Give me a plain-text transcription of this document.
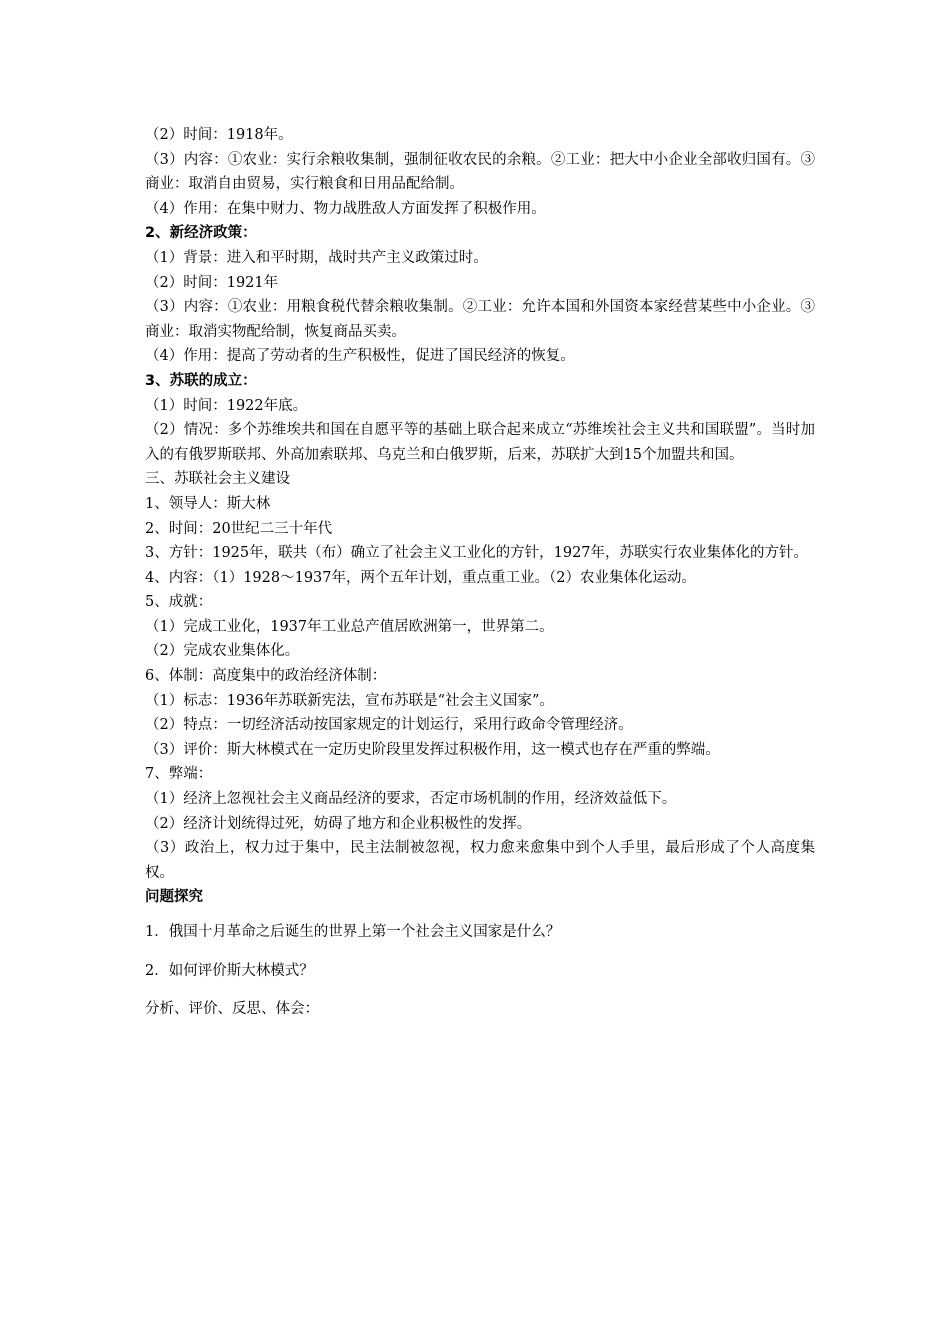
（2）时间：1918年。

（3）内容：①农业：实行余粮收集制，强制征收农民的余粮。②工业：把大中小企业全部收归国有。③商业：取消自由贸易，实行粮食和日用品配给制。

（4）作用：在集中财力、物力战胜敌人方面发挥了积极作用。

2、新经济政策：

（1）背景：进入和平时期，战时共产主义政策过时。

（2）时间：1921年

（3）内容：①农业：用粮食税代替余粮收集制。②工业：允许本国和外国资本家经营某些中小企业。③商业：取消实物配给制，恢复商品买卖。

（4）作用：提高了劳动者的生产积极性，促进了国民经济的恢复。

3、苏联的成立：

（1）时间：1922年底。

（2）情况：多个苏维埃共和国在自愿平等的基础上联合起来成立“苏维埃社会主义共和国联盟”。当时加入的有俄罗斯联邦、外高加索联邦、乌克兰和白俄罗斯，后来，苏联扩大到15个加盟共和国。

三、苏联社会主义建设

1、领导人：斯大林

2、时间：20世纪二三十年代

3、方针：1925年，联共（布）确立了社会主义工业化的方针，1927年，苏联实行农业集体化的方针。

4、内容：（1）1928～1937年，两个五年计划，重点重工业。（2）农业集体化运动。

5、成就：

（1）完成工业化，1937年工业总产值居欧洲第一，世界第二。

（2）完成农业集体化。

6、体制：高度集中的政治经济体制：

（1）标志：1936年苏联新宪法，宣布苏联是“社会主义国家”。

（2）特点：一切经济活动按国家规定的计划运行，采用行政命令管理经济。

（3）评价：斯大林模式在一定历史阶段里发挥过积极作用，这一模式也存在严重的弊端。

7、弊端：

（1）经济上忽视社会主义商品经济的要求，否定市场机制的作用，经济效益低下。

（2）经济计划统得过死，妨碍了地方和企业积极性的发挥。

（3）政治上，权力过于集中，民主法制被忽视，权力愈来愈集中到个人手里，最后形成了个人高度集权。

问题探究

1．俄国十月革命之后诞生的世界上第一个社会主义国家是什么？

2．如何评价斯大林模式？

分析、评价、反思、体会：
